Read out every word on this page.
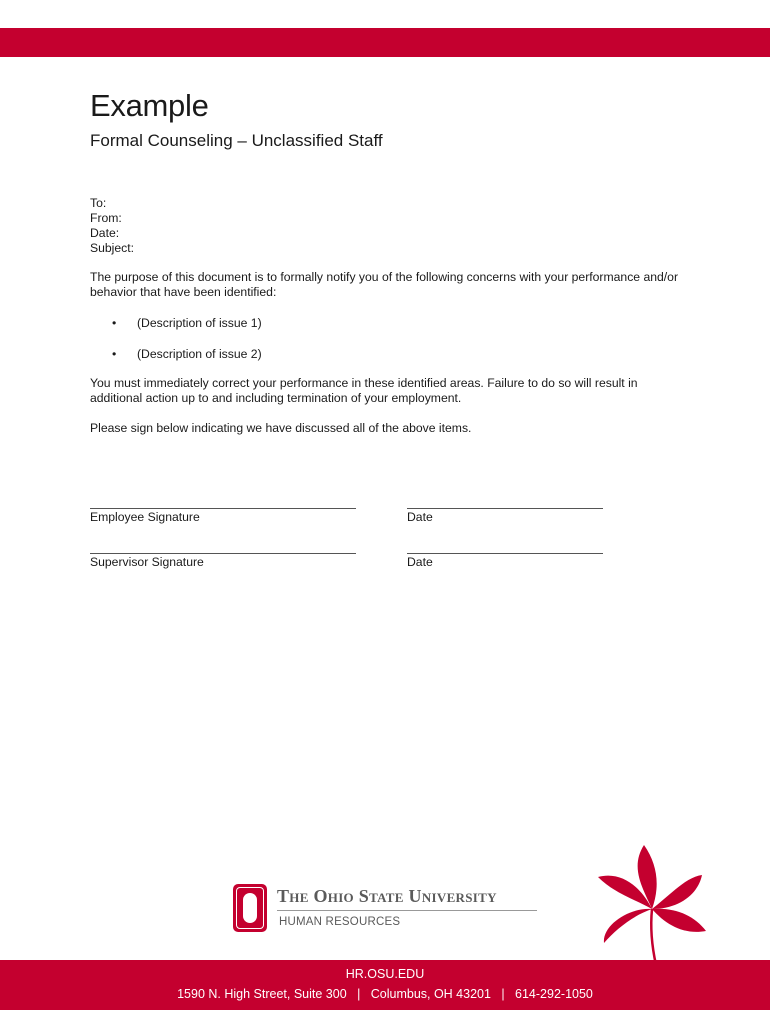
Example
Formal Counseling – Unclassified Staff
To:
From:
Date:
Subject:

The purpose of this document is to formally notify you of the following concerns with your performance and/or behavior that have been identified:

• (Description of issue 1)
• (Description of issue 2)

You must immediately correct your performance in these identified areas. Failure to do so will result in additional action up to and including termination of your employment.

Please sign below indicating we have discussed all of the above items.

Employee Signature	Date
Supervisor Signature	Date
The Ohio State University
HUMAN RESOURCES
HR.OSU.EDU
1590 N. High Street, Suite 300   |   Columbus, OH 43201   |   614-292-1050
